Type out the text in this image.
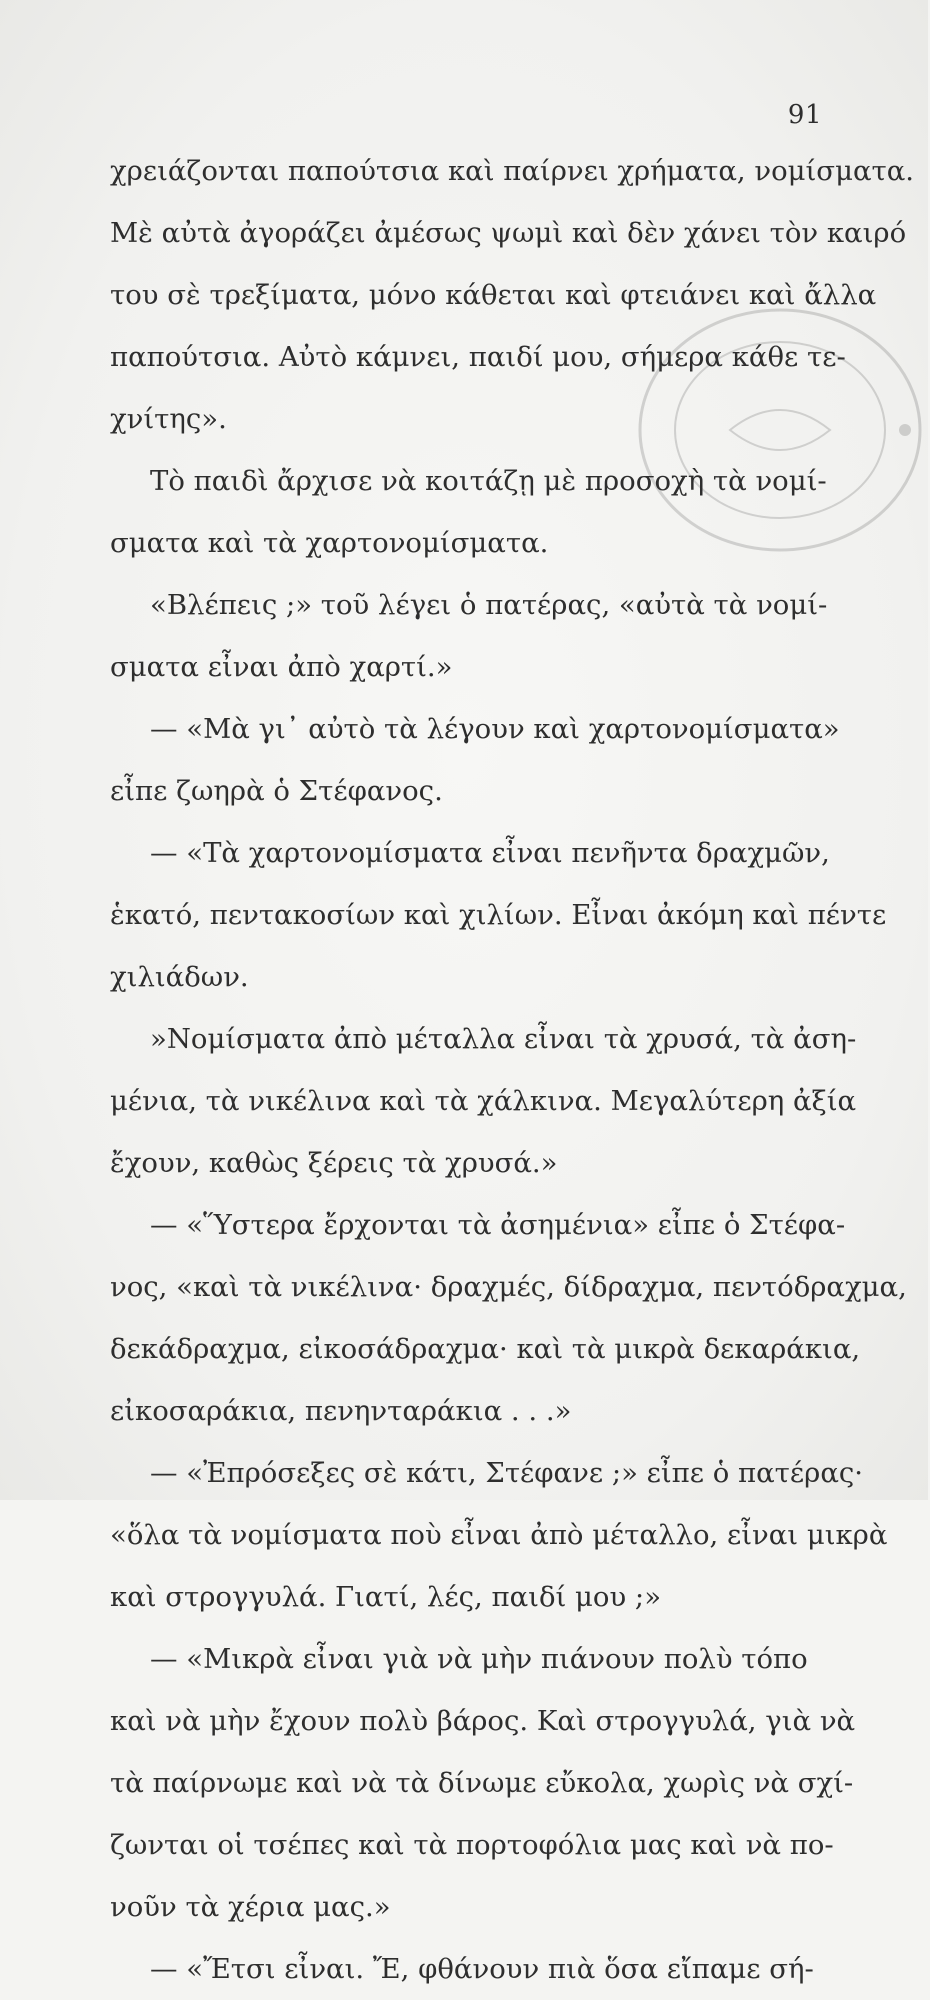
91
χρειάζονται παπούτσια καὶ παίρνει χρήματα, νομίσματα.
Μὲ αὐτὰ ἀγοράζει ἀμέσως ψωμὶ καὶ δὲν χάνει τὸν καιρό
του σὲ τρεξίματα, μόνο κάθεται καὶ φτειάνει καὶ ἄλλα
παπούτσια. Αὐτὸ κάμνει, παιδί μου, σήμερα κάθε τε-
χνίτης».
Τὸ παιδὶ ἄρχισε νὰ κοιτάζῃ μὲ προσοχὴ τὰ νομί-
σματα καὶ τὰ χαρτονομίσματα.
«Βλέπεις ;» τοῦ λέγει ὁ πατέρας, «αὐτὰ τὰ νομί-
σματα εἶναι ἀπὸ χαρτί.»
— «Μὰ γι᾽ αὐτὸ τὰ λέγουν καὶ χαρτονομίσματα»
εἶπε ζωηρὰ ὁ Στέφανος.
— «Τὰ χαρτονομίσματα εἶναι πενῆντα δραχμῶν,
ἑκατό, πεντακοσίων καὶ χιλίων. Εἶναι ἀκόμη καὶ πέντε
χιλιάδων.
»Νομίσματα ἀπὸ μέταλλα εἶναι τὰ χρυσά, τὰ ἀση-
μένια, τὰ νικέλινα καὶ τὰ χάλκινα. Μεγαλύτερη ἀξία
ἔχουν, καθὼς ξέρεις τὰ χρυσά.»
— «Ὕστερα ἔρχονται τὰ ἀσημένια» εἶπε ὁ Στέφα-
νος, «καὶ τὰ νικέλινα· δραχμές, δίδραχμα, πεντόδραχμα,
δεκάδραχμα, εἰκοσάδραχμα· καὶ τὰ μικρὰ δεκαράκια,
εἰκοσαράκια, πενηνταράκια . . .»
— «Ἐπρόσεξες σὲ κάτι, Στέφανε ;» εἶπε ὁ πατέρας·
«ὅλα τὰ νομίσματα ποὺ εἶναι ἀπὸ μέταλλο, εἶναι μικρὰ
καὶ στρογγυλά. Γιατί, λές, παιδί μου ;»
— «Μικρὰ εἶναι γιὰ νὰ μὴν πιάνουν πολὺ τόπο
καὶ νὰ μὴν ἔχουν πολὺ βάρος. Καὶ στρογγυλά, γιὰ νὰ
τὰ παίρνωμε καὶ νὰ τὰ δίνωμε εὔκολα, χωρὶς νὰ σχί-
ζωνται οἱ τσέπες καὶ τὰ πορτοφόλια μας καὶ νὰ πο-
νοῦν τὰ χέρια μας.»
— «Ἔτσι εἶναι. Ἔ, φθάνουν πιὰ ὅσα εἴπαμε σή-
